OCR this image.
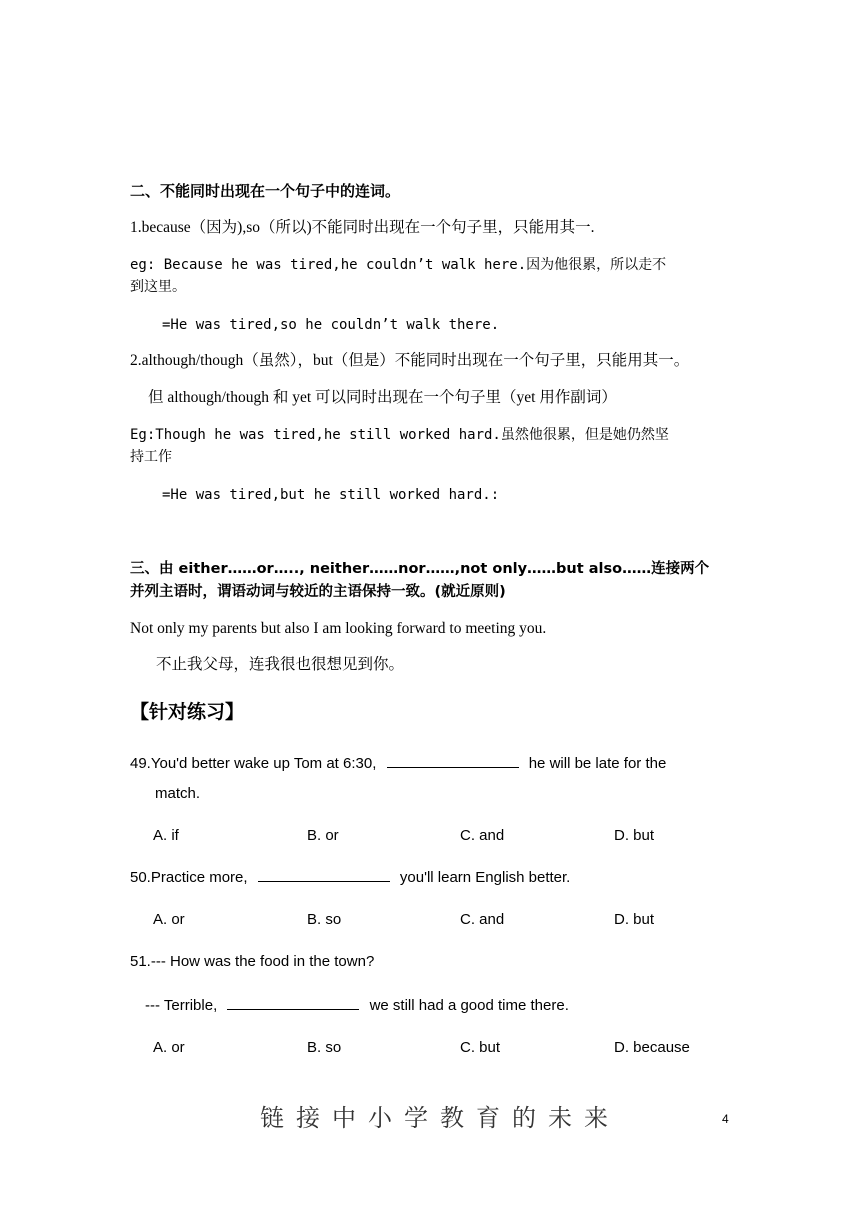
二、不能同时出现在一个句子中的连词。
1.because（因为),so（所以)不能同时出现在一个句子里，只能用其一.
eg: Because he was tired,he couldn’t walk here.因为他很累，所以走不
到这里。
=He was tired,so he couldn’t walk there.
2.although/though（虽然），but（但是）不能同时出现在一个句子里，只能用其一。
但 although/though 和 yet 可以同时出现在一个句子里（yet 用作副词）
Eg:Though he was tired,he still worked hard.虽然他很累，但是她仍然坚
持工作
=He was tired,but he still worked hard.:
三、由 either……or….., neither……nor……,not only……but also……连接两个
并列主语时，谓语动词与较近的主语保持一致。(就近原则)
Not only my parents but also I am looking forward to meeting you.
不止我父母，连我很也很想见到你。
【针对练习】
49.You'd better wake up Tom at 6:30,	he will be late for the
match.
A. if	B. or	C. and	D. but
50.Practice more,	you'll learn English better.
A. or	B. so	C. and	D. but
51.--- How was the food in the town?
--- Terrible,	we still had a good time there.
A. or	B. so	C. but	D. because
链接中小学教育的未来	4
